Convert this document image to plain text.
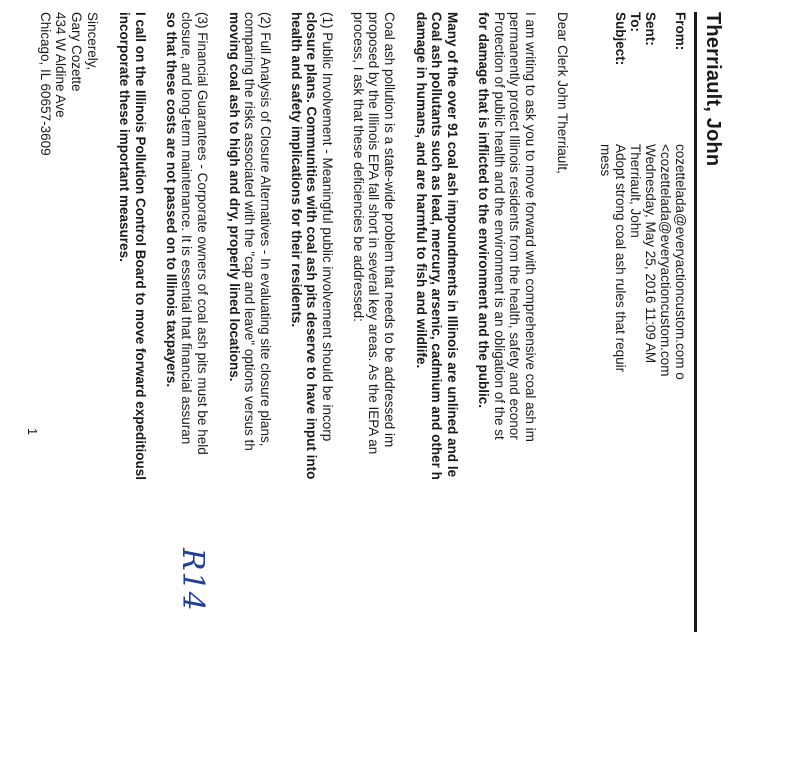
Therriault, John
From:
cozettelada@everyactioncustom.com o
<cozettelada@everyactioncustom.com
Sent:
Wednesday, May 25, 2016 11:09 AM
To:
Therriault, John
Subject:
Adopt strong coal ash rules that requir
mess
R14
Dear Clerk John Therriault,
I am writing to ask you to move forward with comprehensive coal ash im
permanently protect Illinois residents from the health, safety and econor
Protection of public health and the environment is an obligation of the st
for damage that is inflicted to the environment and the public.
Many of the over 91 coal ash impoundments in Illinois are unlined and le
Coal ash pollutants such as lead, mercury, arsenic, cadmium and other h
damage in humans, and are harmful to fish and wildlife.
Coal ash pollution is a state-wide problem that needs to be addressed im
proposed by the Illinois EPA fall short in several key areas. As the IEPA an
process, I ask that these deficiencies be addressed:
(1) Public Involvement - Meaningful public involvement should be incorp
closure plans. Communities with coal ash pits deserve to have input into
health and safety implications for their residents.
(2) Full Analysis of Closure Alternatives - In evaluating site closure plans,
comparing the risks associated with the "cap and leave" options versus th
moving coal ash to high and dry, properly lined locations.
(3) Financial Guarantees - Corporate owners of coal ash pits must be held
closure, and long-term maintenance. It is essential that financial assuran
so that these costs are not passed on to Illinois taxpayers.
I call on the Illinois Pollution Control Board to move forward expeditiousl
incorporate these important measures.
Sincerely,
Gary Cozette
434 W Aldine Ave
Chicago, IL 60657-3609
1
